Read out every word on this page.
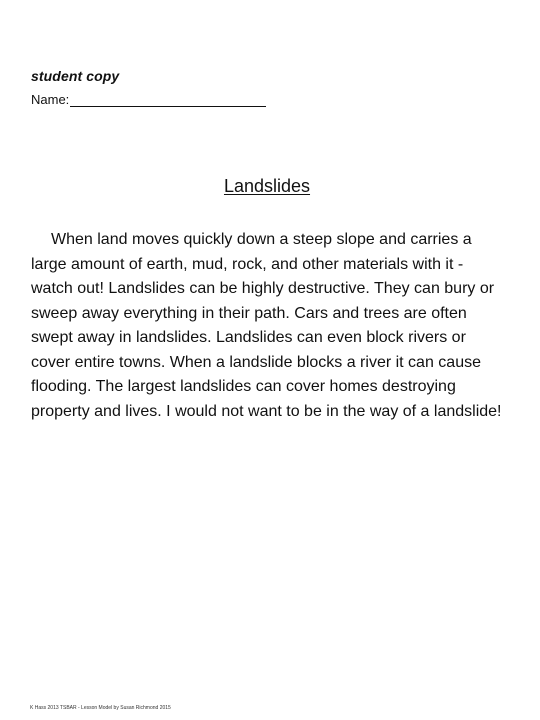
student copy
Name:
Landslides

When land moves quickly down a steep slope and carries a large amount of earth, mud, rock, and other materials with it - watch out! Landslides can be highly destructive. They can bury or sweep away everything in their path. Cars and trees are often swept away in landslides. Landslides can even block rivers or cover entire towns. When a landslide blocks a river it can cause flooding. The largest landslides can cover homes destroying property and lives. I would not want to be in the way of a landslide!

K Hass 2013 TSBAR - Lesson Model by Susan Richmond 2015
